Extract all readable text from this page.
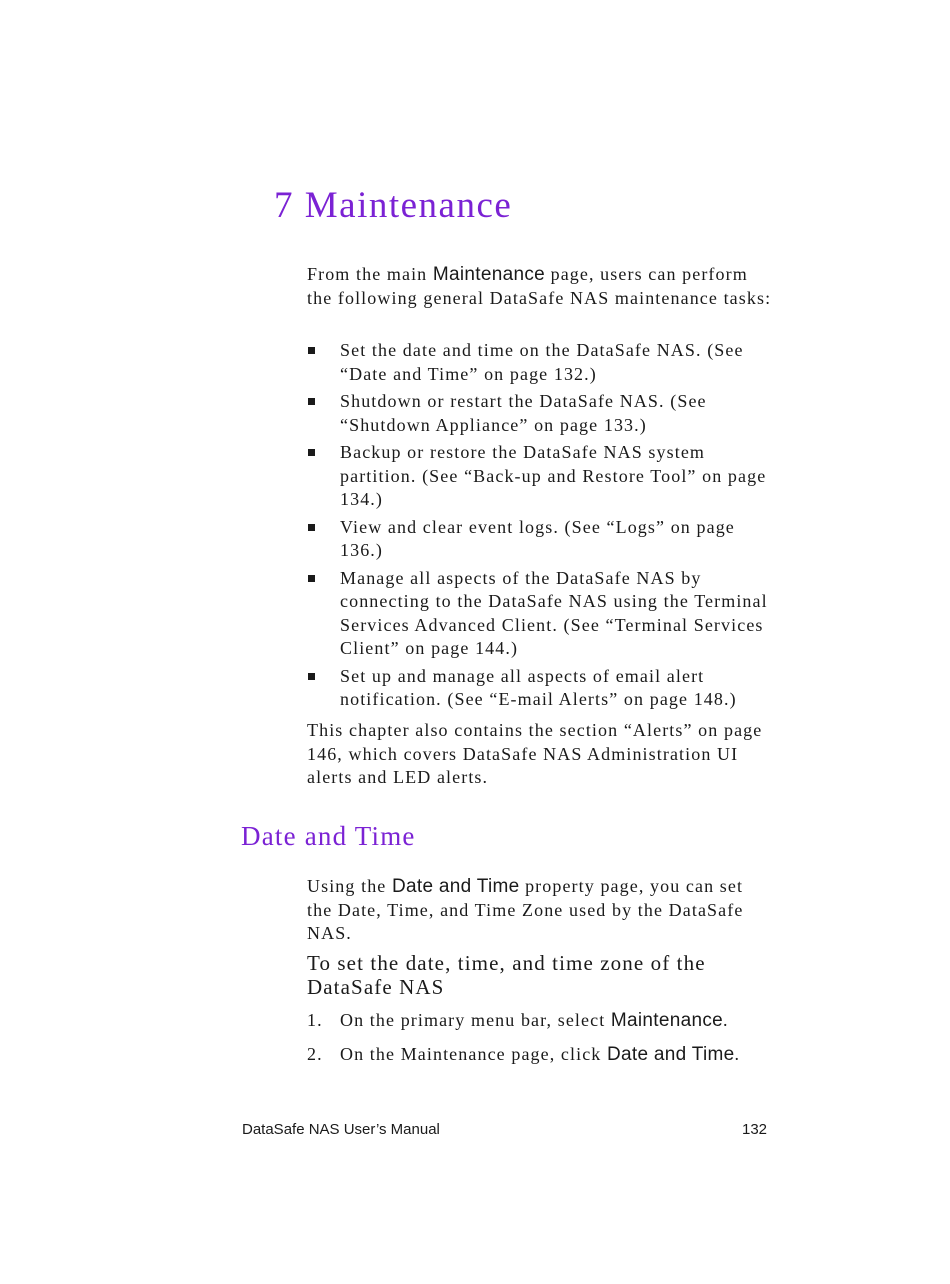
7 Maintenance

From the main Maintenance page, users can perform the following general DataSafe NAS maintenance tasks:

Set the date and time on the DataSafe NAS. (See “Date and Time” on page 132.)
Shutdown or restart the DataSafe NAS. (See “Shutdown Appliance” on page 133.)
Backup or restore the DataSafe NAS system partition. (See “Back-up and Restore Tool” on page 134.)
View and clear event logs. (See “Logs” on page 136.)
Manage all aspects of the DataSafe NAS by connecting to the DataSafe NAS using the Terminal Services Advanced Client. (See “Terminal Services Client” on page 144.)
Set up and manage all aspects of email alert notification. (See “E-mail Alerts” on page 148.)

This chapter also contains the section “Alerts” on page 146, which covers DataSafe NAS Administration UI alerts and LED alerts.

Date and Time

Using the Date and Time property page, you can set the Date, Time, and Time Zone used by the DataSafe NAS.

To set the date, time, and time zone of the DataSafe NAS
1. On the primary menu bar, select Maintenance.
2. On the Maintenance page, click Date and Time.
DataSafe NAS User’s Manual	132
